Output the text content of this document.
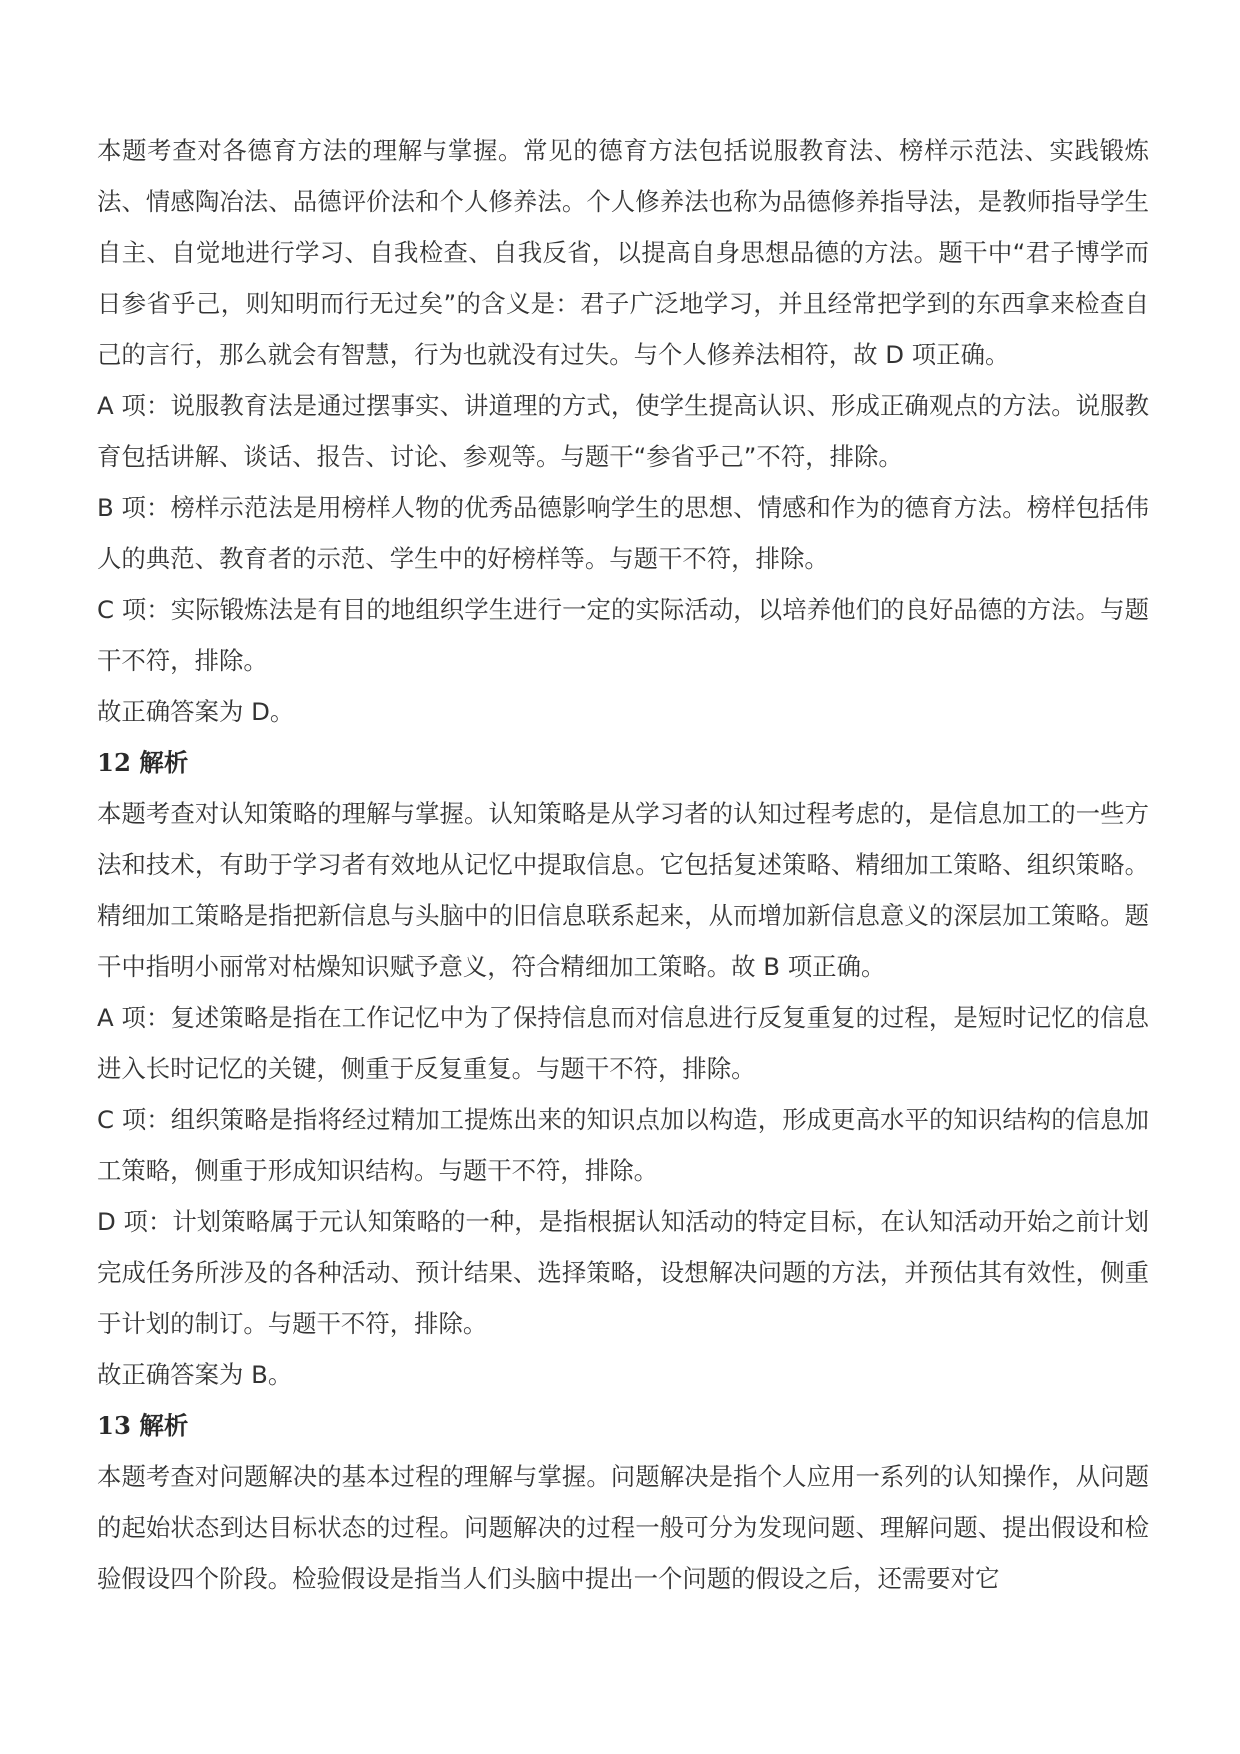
本题考查对各德育方法的理解与掌握。常见的德育方法包括说服教育法、榜样示范法、实践锻炼法、情感陶冶法、品德评价法和个人修养法。个人修养法也称为品德修养指导法，是教师指导学生自主、自觉地进行学习、自我检查、自我反省，以提高自身思想品德的方法。题干中“君子博学而日参省乎己，则知明而行无过矣”的含义是：君子广泛地学习，并且经常把学到的东西拿来检查自己的言行，那么就会有智慧，行为也就没有过失。与个人修养法相符，故 D 项正确。

A 项：说服教育法是通过摆事实、讲道理的方式，使学生提高认识、形成正确观点的方法。说服教育包括讲解、谈话、报告、讨论、参观等。与题干“参省乎己”不符，排除。

B 项：榜样示范法是用榜样人物的优秀品德影响学生的思想、情感和作为的德育方法。榜样包括伟人的典范、教育者的示范、学生中的好榜样等。与题干不符，排除。

C 项：实际锻炼法是有目的地组织学生进行一定的实际活动，以培养他们的良好品德的方法。与题干不符，排除。

故正确答案为 D。

12 解析

本题考查对认知策略的理解与掌握。认知策略是从学习者的认知过程考虑的，是信息加工的一些方法和技术，有助于学习者有效地从记忆中提取信息。它包括复述策略、精细加工策略、组织策略。精细加工策略是指把新信息与头脑中的旧信息联系起来，从而增加新信息意义的深层加工策略。题干中指明小丽常对枯燥知识赋予意义，符合精细加工策略。故 B 项正确。

A 项：复述策略是指在工作记忆中为了保持信息而对信息进行反复重复的过程，是短时记忆的信息进入长时记忆的关键，侧重于反复重复。与题干不符，排除。

C 项：组织策略是指将经过精加工提炼出来的知识点加以构造，形成更高水平的知识结构的信息加工策略，侧重于形成知识结构。与题干不符，排除。

D 项：计划策略属于元认知策略的一种，是指根据认知活动的特定目标，在认知活动开始之前计划完成任务所涉及的各种活动、预计结果、选择策略，设想解决问题的方法，并预估其有效性，侧重于计划的制订。与题干不符，排除。

故正确答案为 B。

13 解析

本题考查对问题解决的基本过程的理解与掌握。问题解决是指个人应用一系列的认知操作，从问题的起始状态到达目标状态的过程。问题解决的过程一般可分为发现问题、理解问题、提出假设和检验假设四个阶段。检验假设是指当人们头脑中提出一个问题的假设之后，还需要对它
